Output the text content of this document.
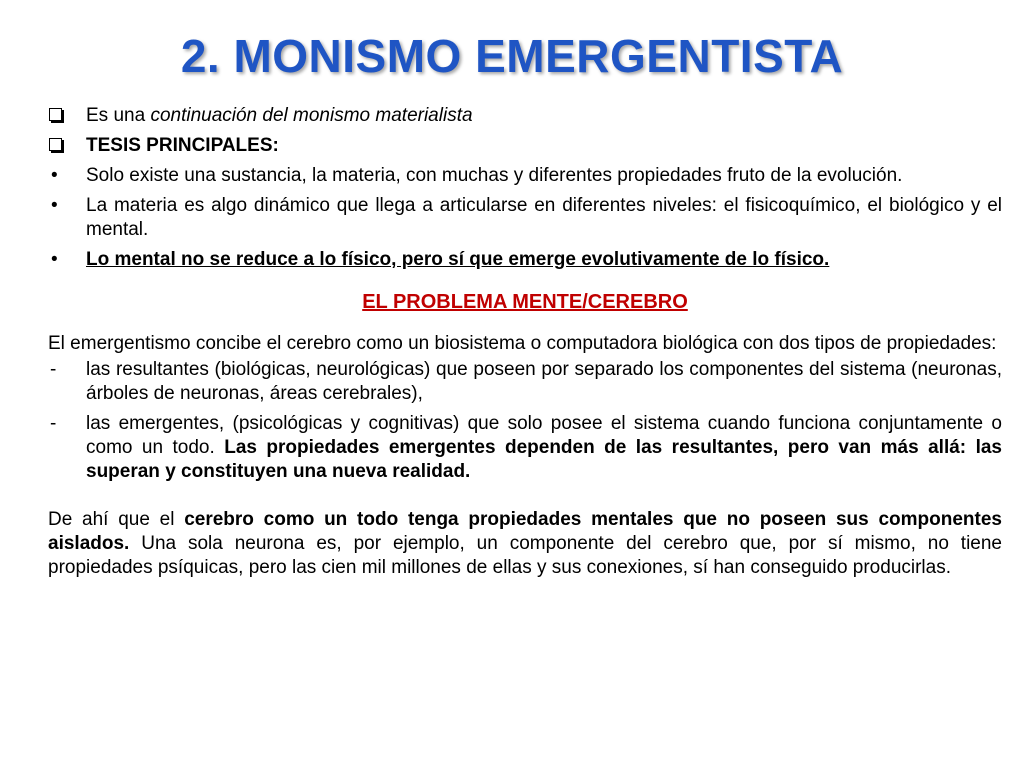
2. MONISMO EMERGENTISTA
Es una continuación del monismo materialista
TESIS PRINCIPALES:
• Solo existe una sustancia, la materia, con muchas y diferentes propiedades fruto de la evolución.
• La materia es algo dinámico que llega a articularse en diferentes niveles: el fisicoquímico, el biológico y el mental.
• Lo mental no se reduce a lo físico, pero sí que emerge evolutivamente de lo físico.
EL PROBLEMA MENTE/CEREBRO
El emergentismo concibe el cerebro como un biosistema o computadora biológica con dos tipos de propiedades:
- las resultantes (biológicas, neurológicas) que poseen por separado los componentes del sistema (neuronas, árboles de neuronas, áreas cerebrales),
- las emergentes, (psicológicas y cognitivas) que solo posee el sistema cuando funciona conjuntamente o como un todo. Las propiedades emergentes dependen de las resultantes, pero van más allá: las superan y constituyen una nueva realidad.
De ahí que el cerebro como un todo tenga propiedades mentales que no poseen sus componentes aislados. Una sola neurona es, por ejemplo, un componente del cerebro que, por sí mismo, no tiene propiedades psíquicas, pero las cien mil millones de ellas y sus conexiones, sí han conseguido producirlas.
